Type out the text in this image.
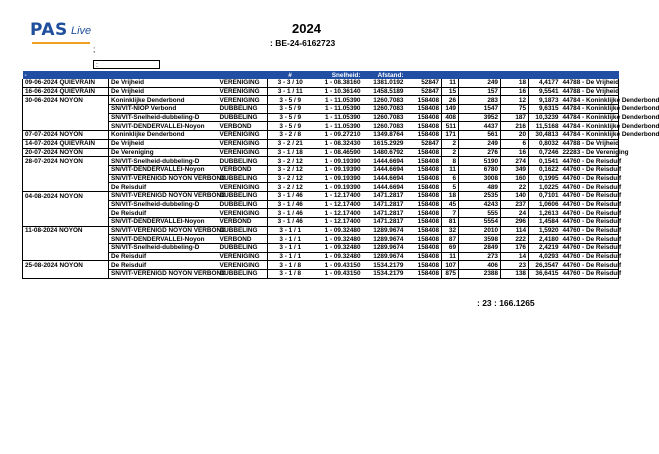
PAS Live	2024
: BE-24-6162723
;
:
-			#	Snelheid:	Afstand:						
09-06-2024 QUIEVRAIN	De Vrijheid	VERENIGING	3 - 3 / 10	1 - 08.38160	1381.0192	52847	11	249	18	4,4177	44788 - De Vrijheid
16-06-2024 QUIEVRAIN	De Vrijheid	VERENIGING	3 - 1 / 11	1 - 10.36140	1458.5189	52847	15	157	16	9,5541	44788 - De Vrijheid
30-06-2024 NOYON	Koninklijke Denderbond	VERENIGING	3 - 5 / 9	1 - 11.05390	1260.7083	158408	26	283	12	9,1873	44784 - Koninklijke Denderbond
	SN/VIT-NIOP Verbond	DUBBELING	3 - 5 / 9	1 - 11.05390	1260.7083	158408	149	1547	75	9,6315	44784 - Koninklijke Denderbond
	SN/VIT-Snelheid-dubbeling-D	DUBBELING	3 - 5 / 9	1 - 11.05390	1260.7083	158408	408	3952	187	10,3239	44784 - Koninklijke Denderbond
	SN/VIT-DENDERVALLEI-Noyon	VERBOND	3 - 5 / 9	1 - 11.05390	1260.7083	158408	511	4437	216	11,5168	44784 - Koninklijke Denderbond
07-07-2024 NOYON	Koninklijke Denderbond	VERENIGING	3 - 2 / 8	1 - 09.27210	1349.8764	158408	171	561	20	30,4813	44784 - Koninklijke Denderbond
14-07-2024 QUIEVRAIN	De Vrijheid	VERENIGING	3 - 2 / 21	1 - 08.32430	1615.2929	52847	2	249	6	0,8032	44788 - De Vrijheid
20-07-2024 NOYON	De Vereniging	VERENIGING	3 - 1 / 18	1 - 08.46590	1480.6792	158408	2	276	16	0,7246	22283 - De Vereniging
28-07-2024 NOYON	SN/VIT-Snelheid-dubbeling-D	DUBBELING	3 - 2 / 12	1 - 09.19390	1444.6694	158408	8	5190	274	0,1541	44760 - De Reisduif
	SN/VIT-DENDERVALLEI-Noyon	VERBOND	3 - 2 / 12	1 - 09.19390	1444.6694	158408	11	6780	349	0,1622	44760 - De Reisduif
	SN/VIT-VERENIGD NOYON VERBOND	DUBBELING	3 - 2 / 12	1 - 09.19390	1444.6694	158408	6	3008	160	0,1995	44760 - De Reisduif
	De Reisduif	VERENIGING	3 - 2 / 12	1 - 09.19390	1444.6694	158408	5	489	22	1,0225	44760 - De Reisduif
04-08-2024 NOYON	SN/VIT-VERENIGD NOYON VERBOND	DUBBELING	3 - 1 / 46	1 - 12.17400	1471.2817	158408	18	2535	140	0,7101	44760 - De Reisduif
	SN/VIT-Snelheid-dubbeling-D	DUBBELING	3 - 1 / 46	1 - 12.17400	1471.2817	158408	45	4243	237	1,0606	44760 - De Reisduif
	De Reisduif	VERENIGING	3 - 1 / 46	1 - 12.17400	1471.2817	158408	7	555	24	1,2613	44760 - De Reisduif
	SN/VIT-DENDERVALLEI-Noyon	VERBOND	3 - 1 / 46	1 - 12.17400	1471.2817	158408	81	5554	296	1,4584	44760 - De Reisduif
11-08-2024 NOYON	SN/VIT-VERENIGD NOYON VERBOND	DUBBELING	3 - 1 / 1	1 - 09.32480	1289.9674	158408	32	2010	114	1,5920	44760 - De Reisduif
	SN/VIT-DENDERVALLEI-Noyon	VERBOND	3 - 1 / 1	1 - 09.32480	1289.9674	158408	87	3598	222	2,4180	44760 - De Reisduif
	SN/VIT-Snelheid-dubbeling-D	DUBBELING	3 - 1 / 1	1 - 09.32480	1289.9674	158408	69	2849	176	2,4219	44760 - De Reisduif
	De Reisduif	VERENIGING	3 - 1 / 1	1 - 09.32480	1289.9674	158408	11	273	14	4,0293	44760 - De Reisduif
25-08-2024 NOYON	De Reisduif	VERENIGING	3 - 1 / 8	1 - 09.43150	1534.2179	158408	107	406	23	26,3547	44760 - De Reisduif
	SN/VIT-VERENIGD NOYON VERBOND	DUBBELING	3 - 1 / 8	1 - 09.43150	1534.2179	158408	875	2388	138	36,6415	44760 - De Reisduif
: 23 : 166.1265
